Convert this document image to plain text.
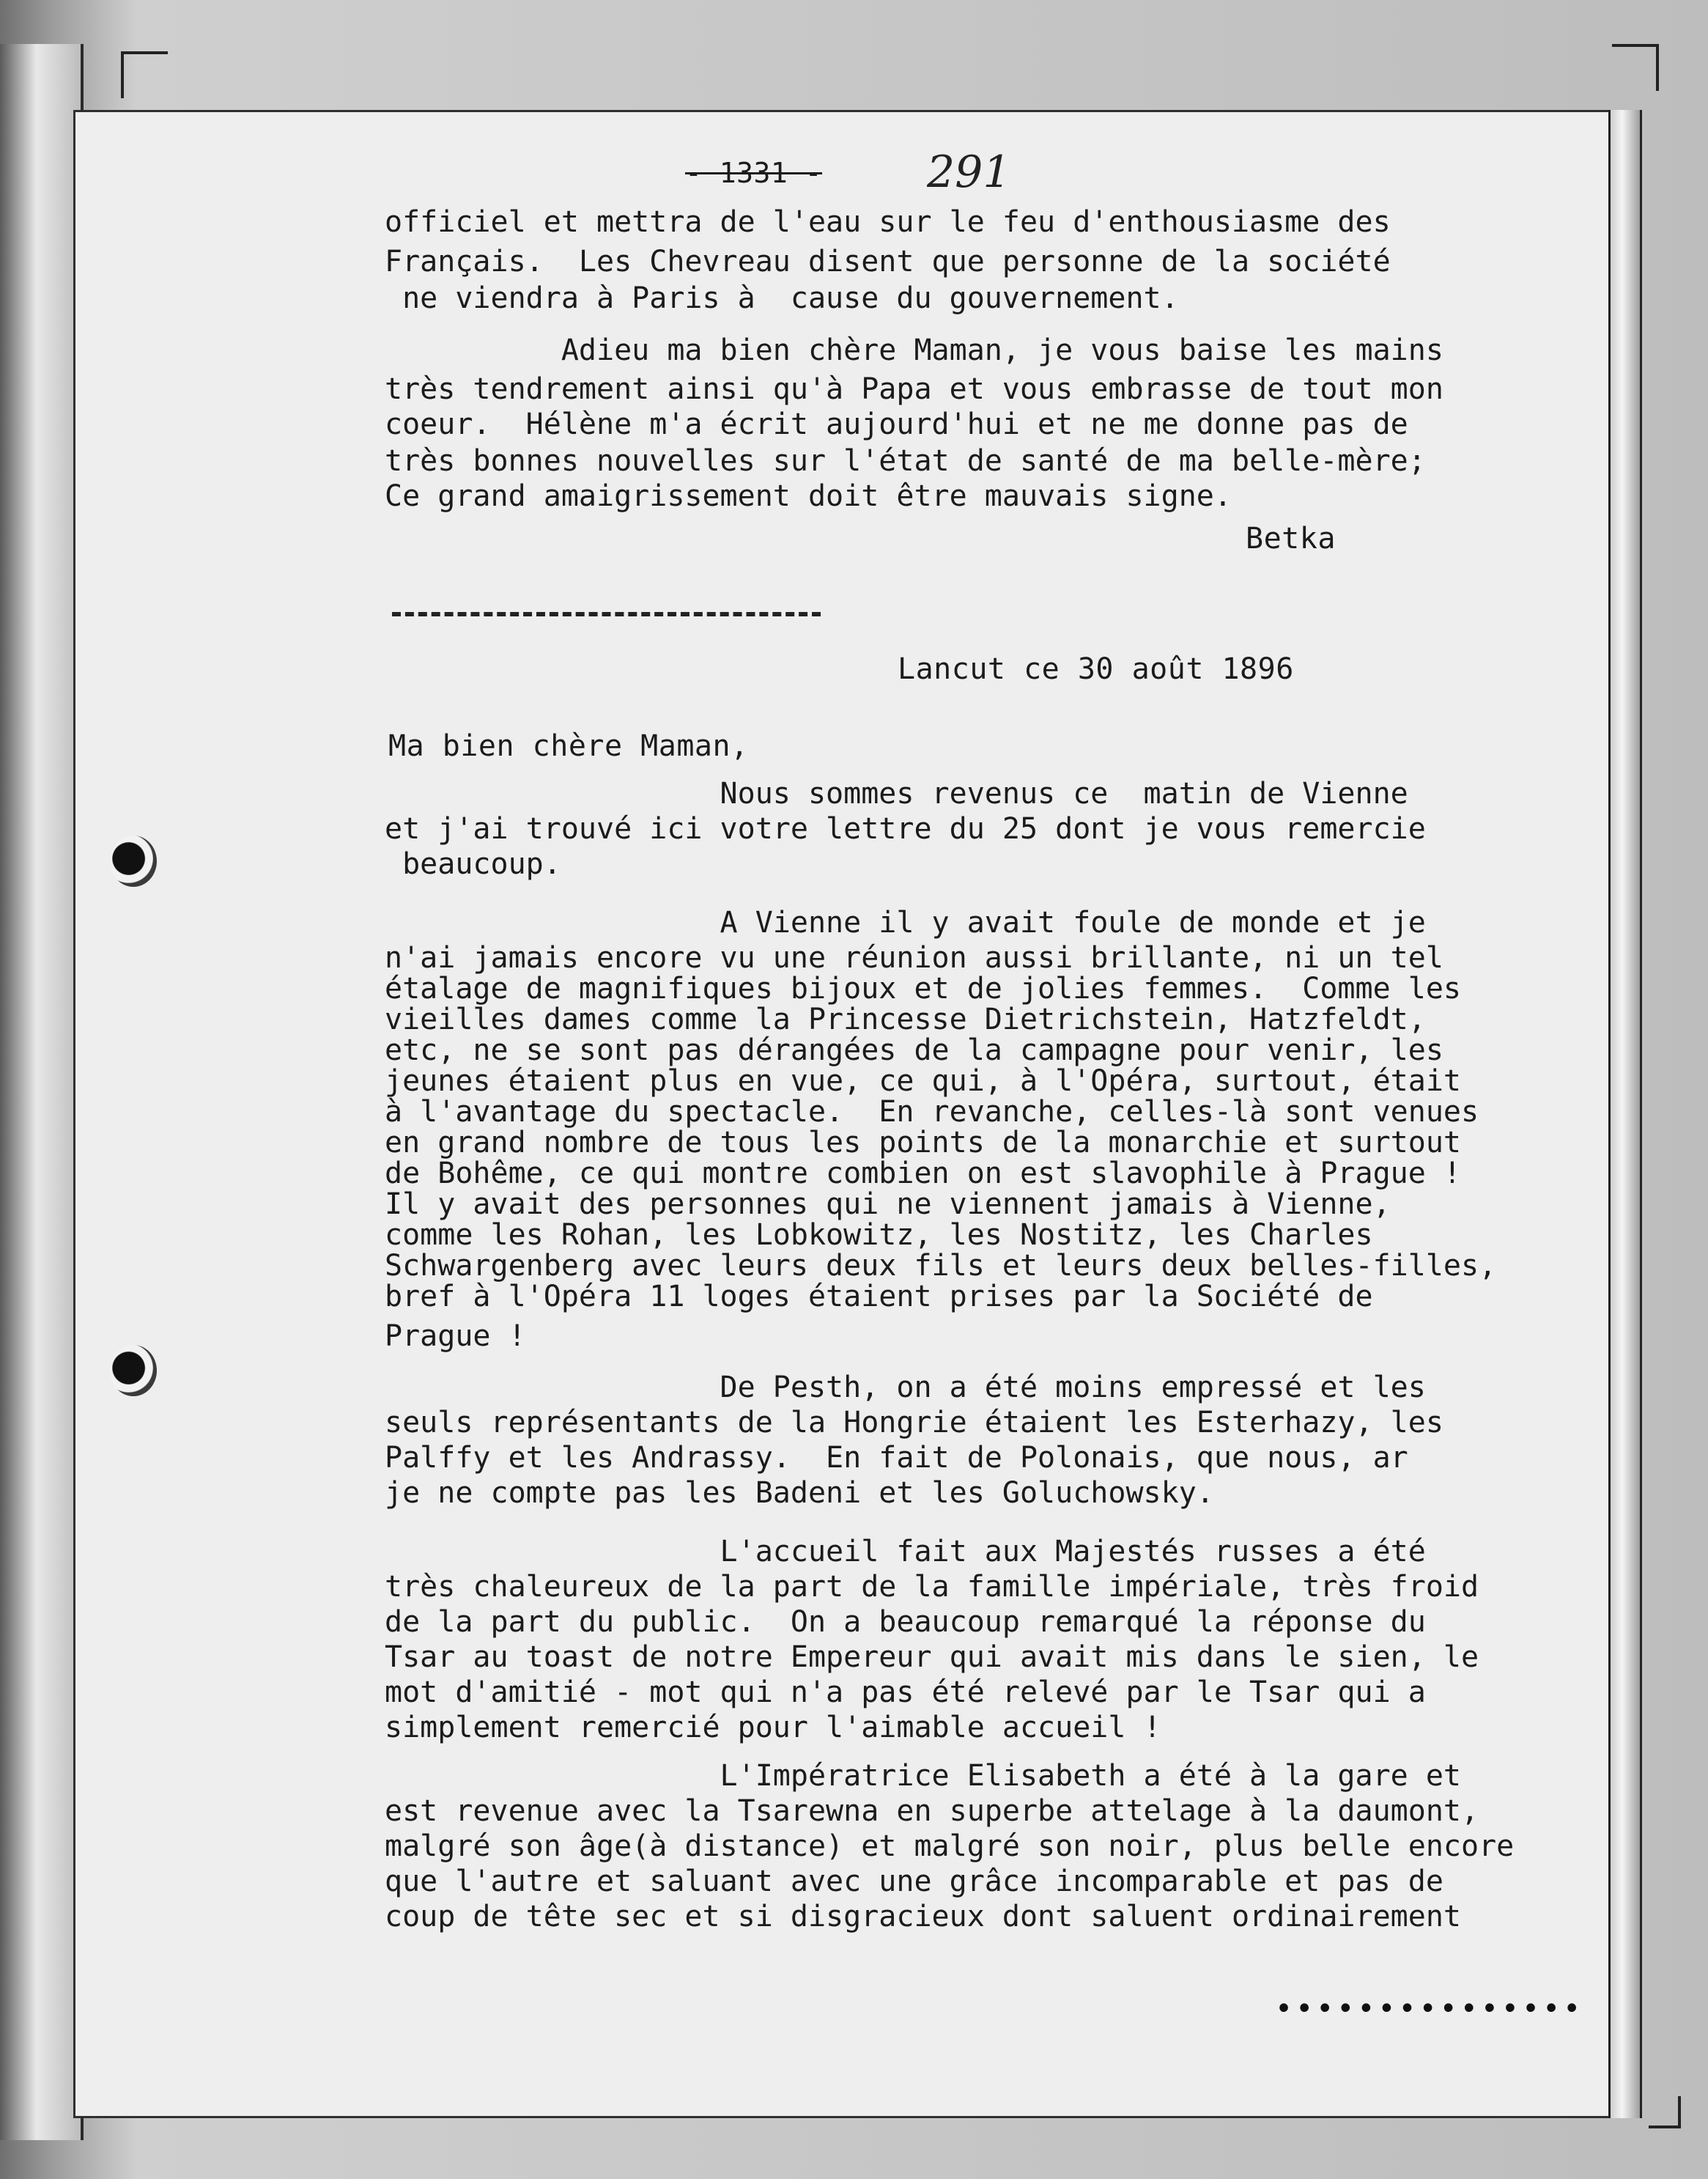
- 1331 - 291
officiel et mettra de l'eau sur le feu d'enthousiasme des
Français.  Les Chevreau disent que personne de la société
ne viendra à Paris à  cause du gouvernement.
Adieu ma bien chère Maman, je vous baise les mains
très tendrement ainsi qu'à Papa et vous embrasse de tout mon
coeur.  Hélène m'a écrit aujourd'hui et ne me donne pas de
très bonnes nouvelles sur l'état de santé de ma belle-mère;
Ce grand amaigrissement doit être mauvais signe.
Betka
Lancut ce 30 août 1896
Ma bien chère Maman,
Nous sommes revenus ce  matin de Vienne
et j'ai trouvé ici votre lettre du 25 dont je vous remercie
beaucoup.
A Vienne il y avait foule de monde et je
n'ai jamais encore vu une réunion aussi brillante, ni un tel
étalage de magnifiques bijoux et de jolies femmes.  Comme les
vieilles dames comme la Princesse Dietrichstein, Hatzfeldt,
etc, ne se sont pas dérangées de la campagne pour venir, les
jeunes étaient plus en vue, ce qui, à l'Opéra, surtout, était
à l'avantage du spectacle.  En revanche, celles-là sont venues
en grand nombre de tous les points de la monarchie et surtout
de Bohême, ce qui montre combien on est slavophile à Prague !
Il y avait des personnes qui ne viennent jamais à Vienne,
comme les Rohan, les Lobkowitz, les Nostitz, les Charles
Schwargenberg avec leurs deux fils et leurs deux belles-filles,
bref à l'Opéra 11 loges étaient prises par la Société de
Prague !
De Pesth, on a été moins empressé et les
seuls représentants de la Hongrie étaient les Esterhazy, les
Palffy et les Andrassy.  En fait de Polonais, que nous, ar
je ne compte pas les Badeni et les Goluchowsky.
L'accueil fait aux Majestés russes a été
très chaleureux de la part de la famille impériale, très froid
de la part du public.  On a beaucoup remarqué la réponse du
Tsar au toast de notre Empereur qui avait mis dans le sien, le
mot d'amitié - mot qui n'a pas été relevé par le Tsar qui a
simplement remercié pour l'aimable accueil !
L'Impératrice Elisabeth a été à la gare et
est revenue avec la Tsarewna en superbe attelage à la daumont,
malgré son âge(à distance) et malgré son noir, plus belle encore
que l'autre et saluant avec une grâce incomparable et pas de
coup de tête sec et si disgracieux dont saluent ordinairement
•••••••••••••••
